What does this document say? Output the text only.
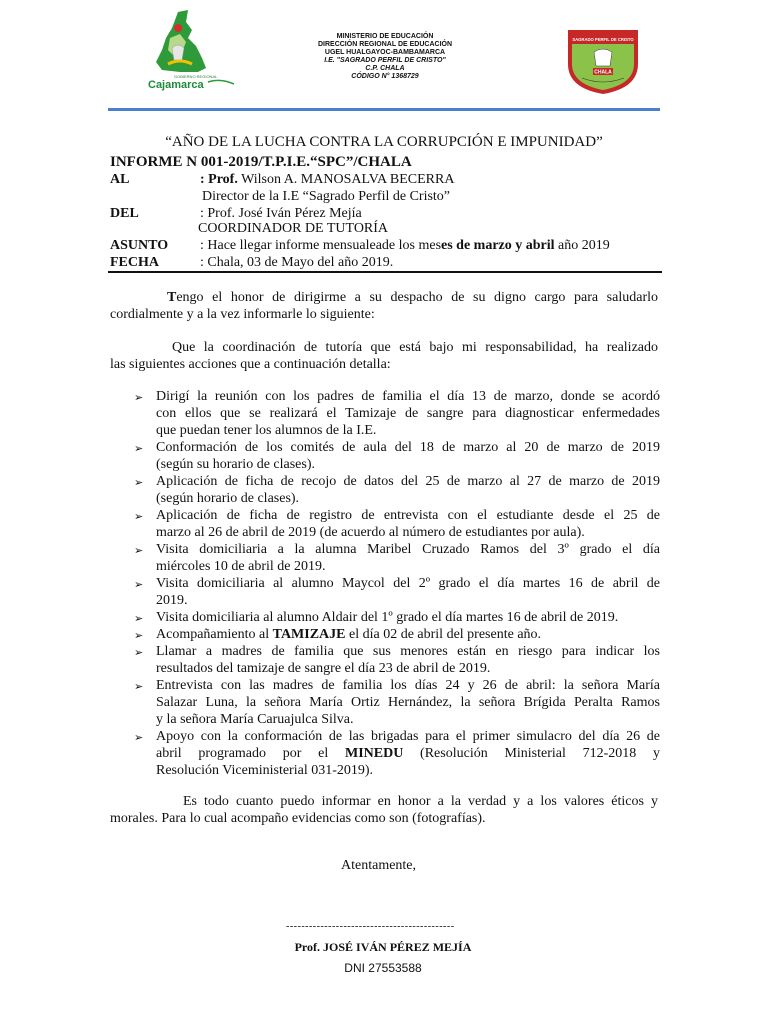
GOBIERNO REGIONAL
Cajamarca
MINISTERIO DE EDUCACIÓN
DIRECCIÓN REGIONAL DE EDUCACIÓN
UGEL HUALGAYOC-BAMBAMARCA
I.E. "SAGRADO PERFIL DE CRISTO"
C.P. CHALA
CÓDIGO N° 1368729
SAGRADO PERFIL DE CRISTO
CHALA
“AÑO DE LA LUCHA CONTRA LA CORRUPCIÓN E IMPUNIDAD”
INFORME N 001-2019/T.P.I.E.“SPC”/CHALA
AL	: Prof. Wilson A. MANOSALVA BECERRA
Director de la I.E “Sagrado Perfil de Cristo”
DEL	: Prof. José Iván Pérez Mejía
COORDINADOR DE TUTORÍA
ASUNTO : Hace llegar informe mensualeade los meses de marzo y abril año 2019
FECHA	: Chala, 03 de Mayo del año 2019.
Tengo el honor de dirigirme a su despacho de su digno cargo para saludarlo
cordialmente y a la vez informarle lo siguiente:
Que la coordinación de tutoría que está bajo mi responsabilidad, ha realizado
las siguientes acciones que a continuación detalla:
➢ Dirigí la reunión con los padres de familia el día 13 de marzo, donde se acordó
con ellos que se realizará el Tamizaje de sangre para diagnosticar enfermedades
que puedan tener los alumnos de la I.E.
➢ Conformación de los comités de aula del 18 de marzo al 20 de marzo de 2019
(según su horario de clases).
➢ Aplicación de ficha de recojo de datos del 25 de marzo al 27 de marzo de 2019
(según horario de clases).
➢ Aplicación de ficha de registro de entrevista con el estudiante desde el 25 de
marzo al 26 de abril de 2019 (de acuerdo al número de estudiantes por aula).
➢ Visita domiciliaria a la alumna Maribel Cruzado Ramos del 3º grado el día
miércoles 10 de abril de 2019.
➢ Visita domiciliaria al alumno Maycol del 2º grado el día martes 16 de abril de
2019.
➢ Visita domiciliaria al alumno Aldair del 1º grado el día martes 16 de abril de 2019.
➢ Acompañamiento al TAMIZAJE el día 02 de abril del presente año.
➢ Llamar a madres de familia que sus menores están en riesgo para indicar los
resultados del tamizaje de sangre el día 23 de abril de 2019.
➢ Entrevista con las madres de familia los días 24 y 26 de abril: la señora María
Salazar Luna, la señora María Ortiz Hernández, la señora Brígida Peralta Ramos
y la señora María Caruajulca Silva.
➢ Apoyo con la conformación de las brigadas para el primer simulacro del día 26 de
abril programado por el MINEDU (Resolución Ministerial 712-2018 y
Resolución Viceministerial 031-2019).
Es todo cuanto puedo informar en honor a la verdad y a los valores éticos y
morales. Para lo cual acompaño evidencias como son (fotografías).
Atentamente,
--------------------------------------------
Prof. JOSÉ IVÁN PÉREZ MEJÍA
DNI 27553588
